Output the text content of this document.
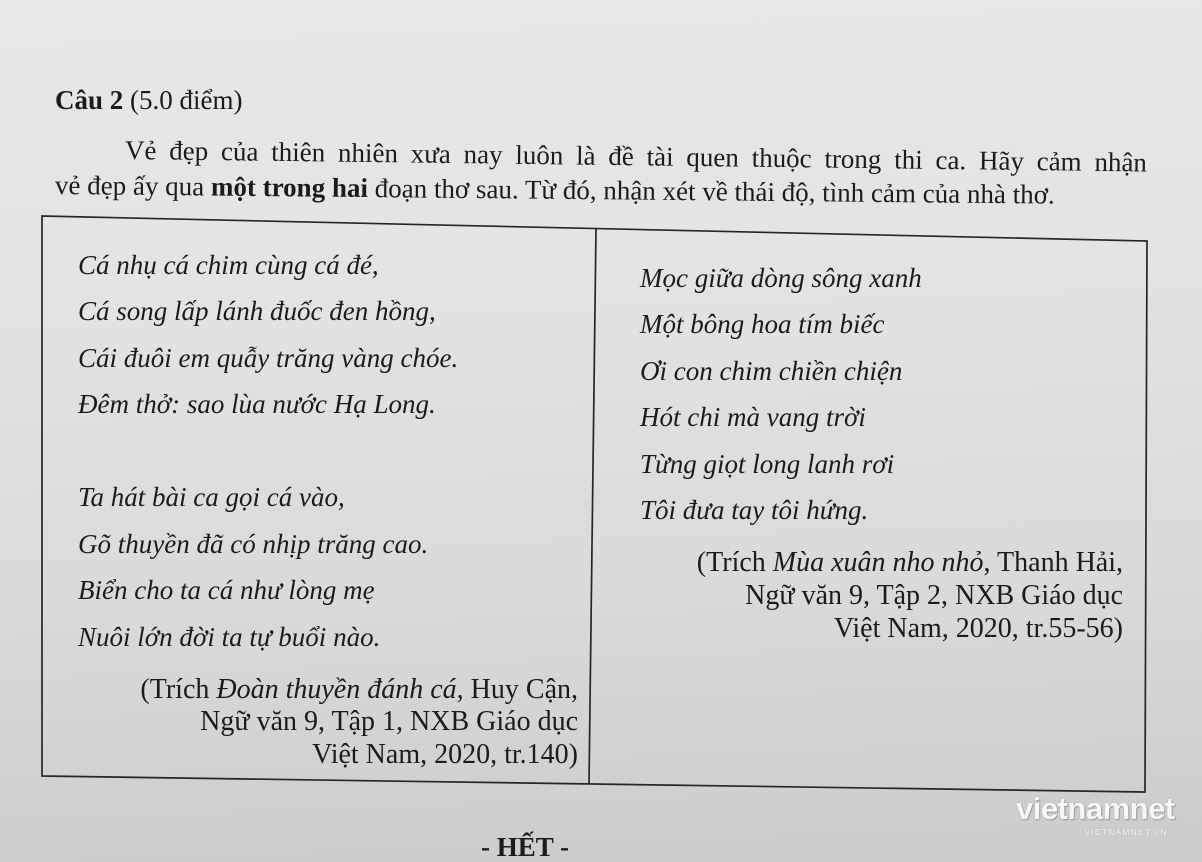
Câu 2 (5.0 điểm)
Vẻ đẹp của thiên nhiên xưa nay luôn là đề tài quen thuộc trong thi ca. Hãy cảm nhận
vẻ đẹp ấy qua một trong hai đoạn thơ sau. Từ đó, nhận xét về thái độ, tình cảm của nhà thơ.
Cá nhụ cá chim cùng cá đé,
Cá song lấp lánh đuốc đen hồng,
Cái đuôi em quẫy trăng vàng chóe.
Đêm thở: sao lùa nước Hạ Long.
Ta hát bài ca gọi cá vào,
Gõ thuyền đã có nhịp trăng cao.
Biển cho ta cá như lòng mẹ
Nuôi lớn đời ta tự buổi nào.
(Trích Đoàn thuyền đánh cá, Huy Cận,
Ngữ văn 9, Tập 1, NXB Giáo dục
Việt Nam, 2020, tr.140)
Mọc giữa dòng sông xanh
Một bông hoa tím biếc
Ơi con chim chiền chiện
Hót chi mà vang trời
Từng giọt long lanh rơi
Tôi đưa tay tôi hứng.
(Trích Mùa xuân nho nhỏ, Thanh Hải,
Ngữ văn 9, Tập 2, NXB Giáo dục
Việt Nam, 2020, tr.55-56)
- HẾT -
vietnamnet
VIETNAMNET.VN
